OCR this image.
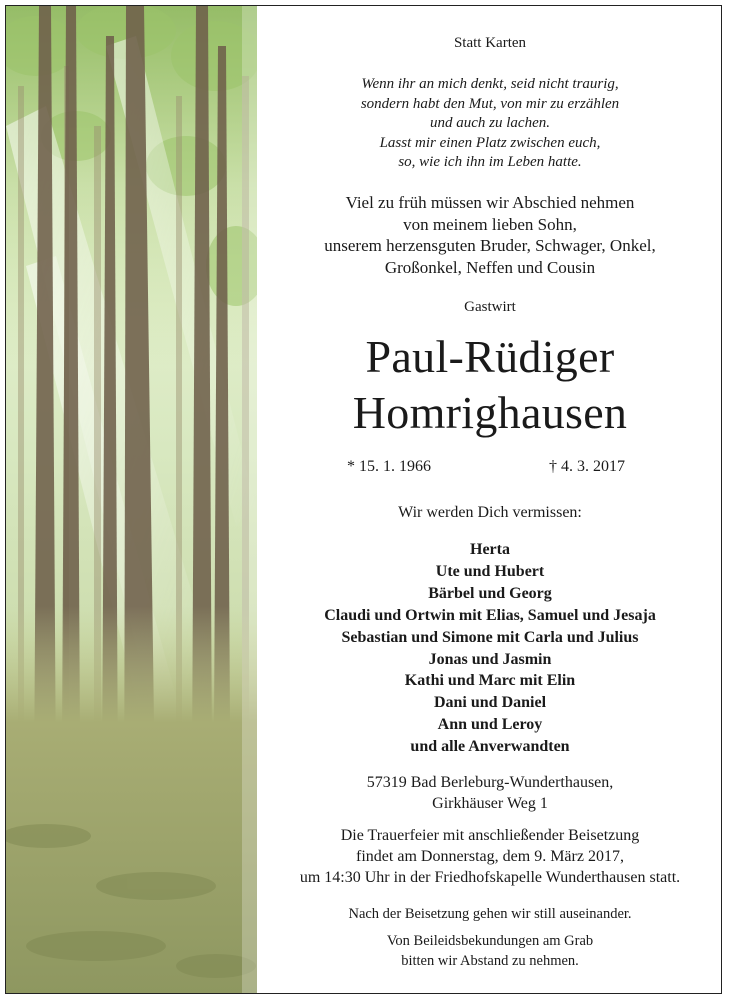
Statt Karten

Wenn ihr an mich denkt, seid nicht traurig,

sondern habt den Mut, von mir zu erzählen

und auch zu lachen.

Lasst mir einen Platz zwischen euch,

so, wie ich ihn im Leben hatte.

Viel zu früh müssen wir Abschied nehmen

von meinem lieben Sohn,

unserem herzensguten Bruder, Schwager, Onkel,

Großonkel, Neffen und Cousin

Gastwirt

Paul-Rüdiger

Homrighausen

* 15. 1. 1966	† 4. 3. 2017

Wir werden Dich vermissen:

Herta

Ute und Hubert

Bärbel und Georg

Claudi und Ortwin mit Elias, Samuel und Jesaja

Sebastian und Simone mit Carla und Julius

Jonas und Jasmin

Kathi und Marc mit Elin

Dani und Daniel

Ann und Leroy

und alle Anverwandten

57319 Bad Berleburg-Wunderthausen,

Girkhäuser Weg 1

Die Trauerfeier mit anschließender Beisetzung

findet am Donnerstag, dem 9. März 2017,

um 14:30 Uhr in der Friedhofskapelle Wunderthausen statt.

Nach der Beisetzung gehen wir still auseinander.

Von Beileidsbekundungen am Grab

bitten wir Abstand zu nehmen.
